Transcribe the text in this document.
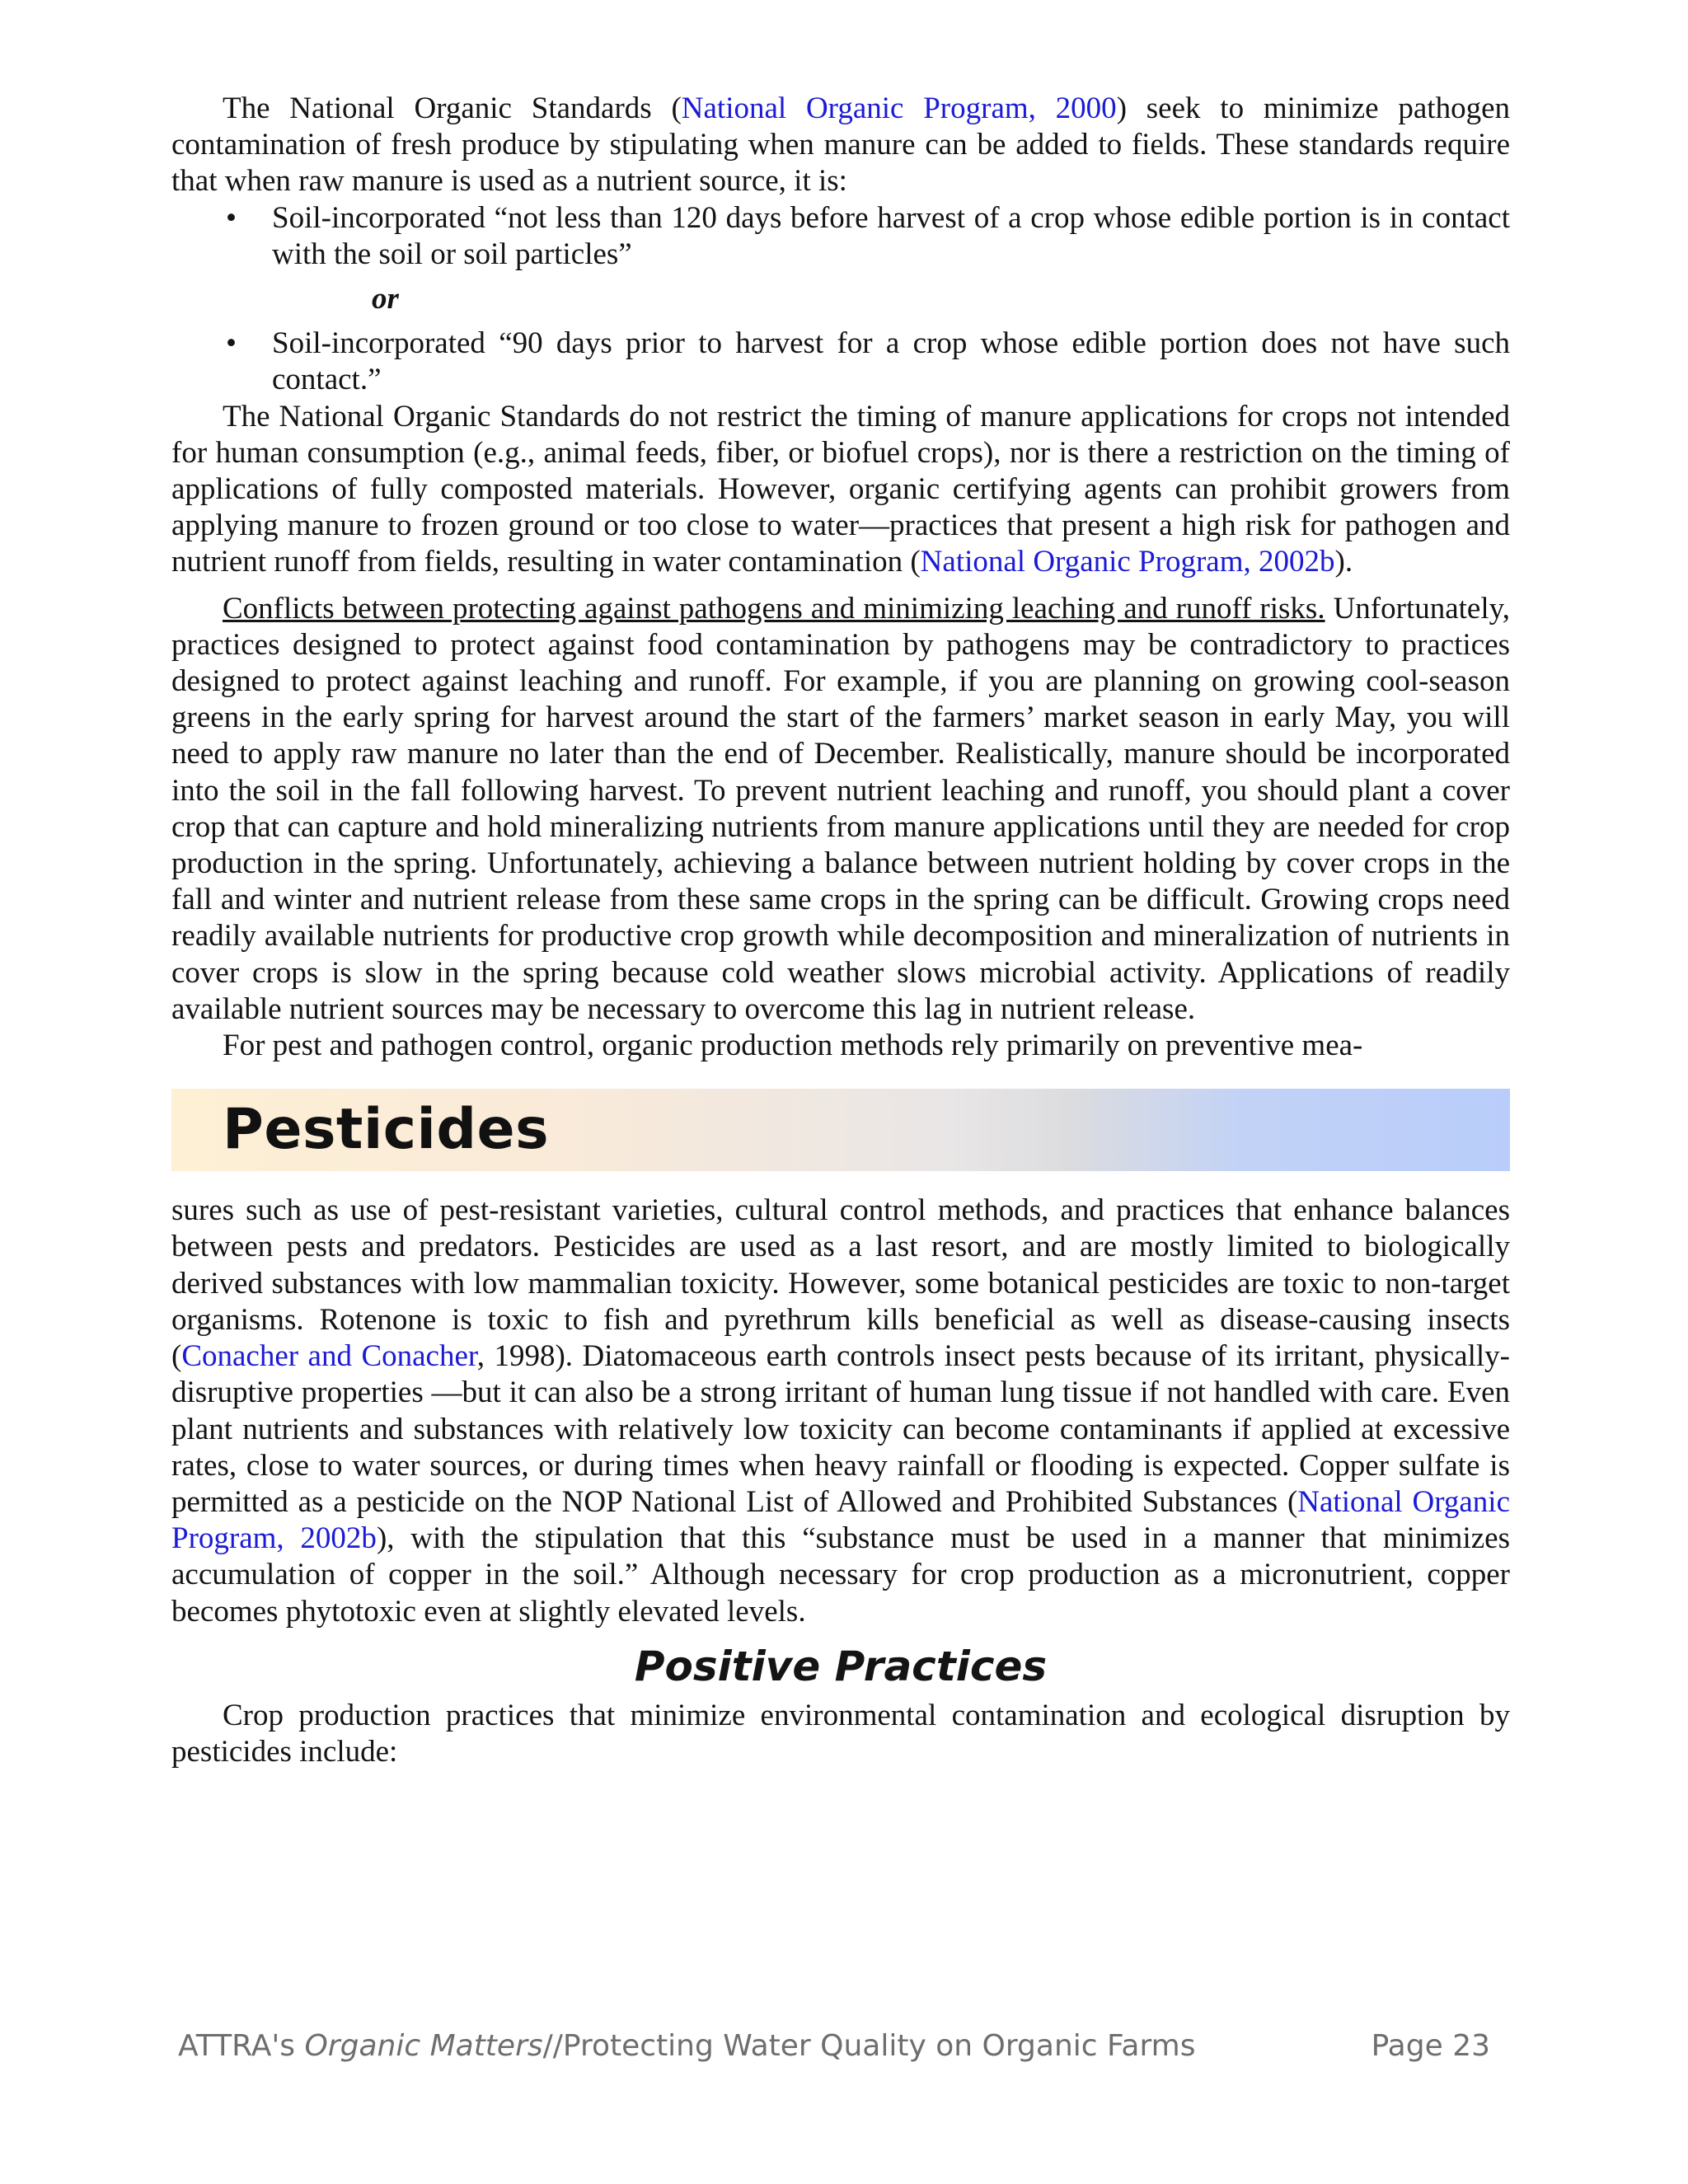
The National Organic Standards (National Organic Program, 2000) seek to minimize pathogen contamination of fresh produce by stipulating when manure can be added to fields. These standards require that when raw manure is used as a nutrient source, it is:

• Soil-incorporated “not less than 120 days before harvest of a crop whose edible portion is in contact with the soil or soil particles”

or

• Soil-incorporated “90 days prior to harvest for a crop whose edible portion does not have such contact.”

The National Organic Standards do not restrict the timing of manure applications for crops not intended for human consumption (e.g., animal feeds, fiber, or biofuel crops), nor is there a restriction on the timing of applications of fully composted materials. However, organic certifying agents can prohibit growers from applying manure to frozen ground or too close to water—practices that present a high risk for pathogen and nutrient runoff from fields, resulting in water contamination (National Organic Program, 2002b).

Conflicts between protecting against pathogens and minimizing leaching and runoff risks. Unfortunately, practices designed to protect against food contamination by pathogens may be contradictory to practices designed to protect against leaching and runoff. For example, if you are planning on growing cool-season greens in the early spring for harvest around the start of the farmers’ market season in early May, you will need to apply raw manure no later than the end of December. Realistically, manure should be incorporated into the soil in the fall following harvest. To prevent nutrient leaching and runoff, you should plant a cover crop that can capture and hold mineralizing nutrients from manure applications until they are needed for crop production in the spring. Unfortunately, achieving a balance between nutrient holding by cover crops in the fall and winter and nutrient release from these same crops in the spring can be difficult. Growing crops need readily available nutrients for productive crop growth while decomposition and mineralization of nutrients in cover crops is slow in the spring because cold weather slows microbial activity. Applications of readily available nutrient sources may be necessary to overcome this lag in nutrient release.

For pest and pathogen control, organic production methods rely primarily on preventive mea-

Pesticides

sures such as use of pest-resistant varieties, cultural control methods, and practices that enhance balances between pests and predators. Pesticides are used as a last resort, and are mostly limited to biologically derived substances with low mammalian toxicity. However, some botanical pesticides are toxic to non-target organisms. Rotenone is toxic to fish and pyrethrum kills beneficial as well as disease-causing insects (Conacher and Conacher, 1998). Diatomaceous earth controls insect pests because of its irritant, physically-disruptive properties —but it can also be a strong irritant of human lung tissue if not handled with care. Even plant nutrients and substances with relatively low toxicity can become contaminants if applied at excessive rates, close to water sources, or during times when heavy rainfall or flooding is expected. Copper sulfate is permitted as a pesticide on the NOP National List of Allowed and Prohibited Substances (National Organic Program, 2002b), with the stipulation that this “substance must be used in a manner that minimizes accumulation of copper in the soil.” Although necessary for crop production as a micronutrient, copper becomes phytotoxic even at slightly elevated levels.

Positive Practices

Crop production practices that minimize environmental contamination and ecological disruption by pesticides include:

ATTRA's Organic Matters//Protecting Water Quality on Organic Farms	Page 23
